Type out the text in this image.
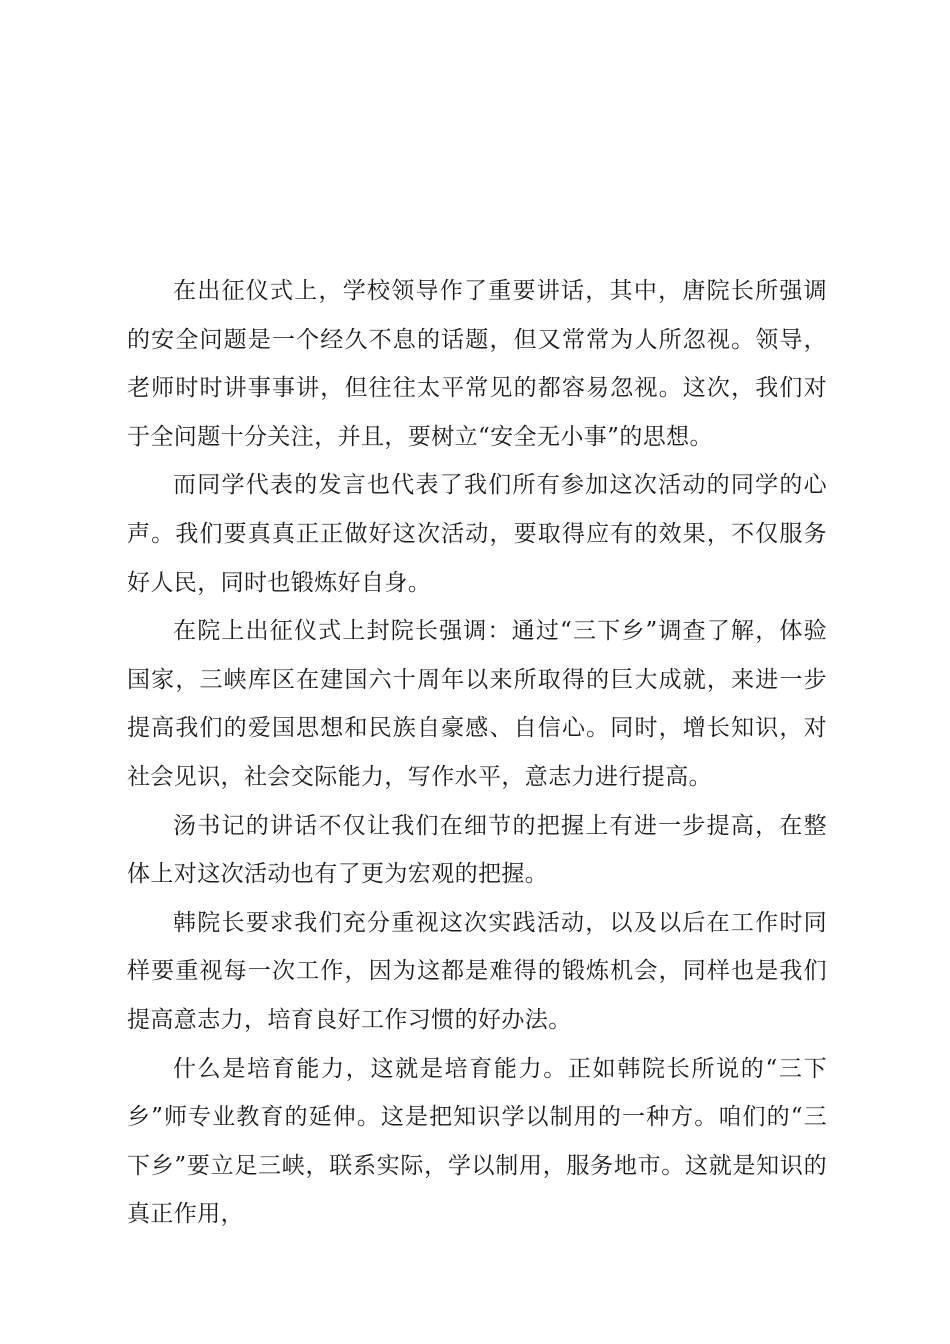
在出征仪式上，学校领导作了重要讲话，其中，唐院长所强调的安全问题是一个经久不息的话题，但又常常为人所忽视。领导，老师时时讲事事讲，但往往太平常见的都容易忽视。这次，我们对于全问题十分关注，并且，要树立“安全无小事”的思想。

而同学代表的发言也代表了我们所有参加这次活动的同学的心声。我们要真真正正做好这次活动，要取得应有的效果，不仅服务好人民，同时也锻炼好自身。

在院上出征仪式上封院长强调：通过“三下乡”调查了解，体验国家，三峡库区在建国六十周年以来所取得的巨大成就，来进一步提高我们的爱国思想和民族自豪感、自信心。同时，增长知识，对社会见识，社会交际能力，写作水平，意志力进行提高。

汤书记的讲话不仅让我们在细节的把握上有进一步提高，在整体上对这次活动也有了更为宏观的把握。

韩院长要求我们充分重视这次实践活动，以及以后在工作时同样要重视每一次工作，因为这都是难得的锻炼机会，同样也是我们提高意志力，培育良好工作习惯的好办法。

什么是培育能力，这就是培育能力。正如韩院长所说的“三下乡”师专业教育的延伸。这是把知识学以制用的一种方。咱们的“三下乡”要立足三峡，联系实际，学以制用，服务地市。这就是知识的真正作用，
